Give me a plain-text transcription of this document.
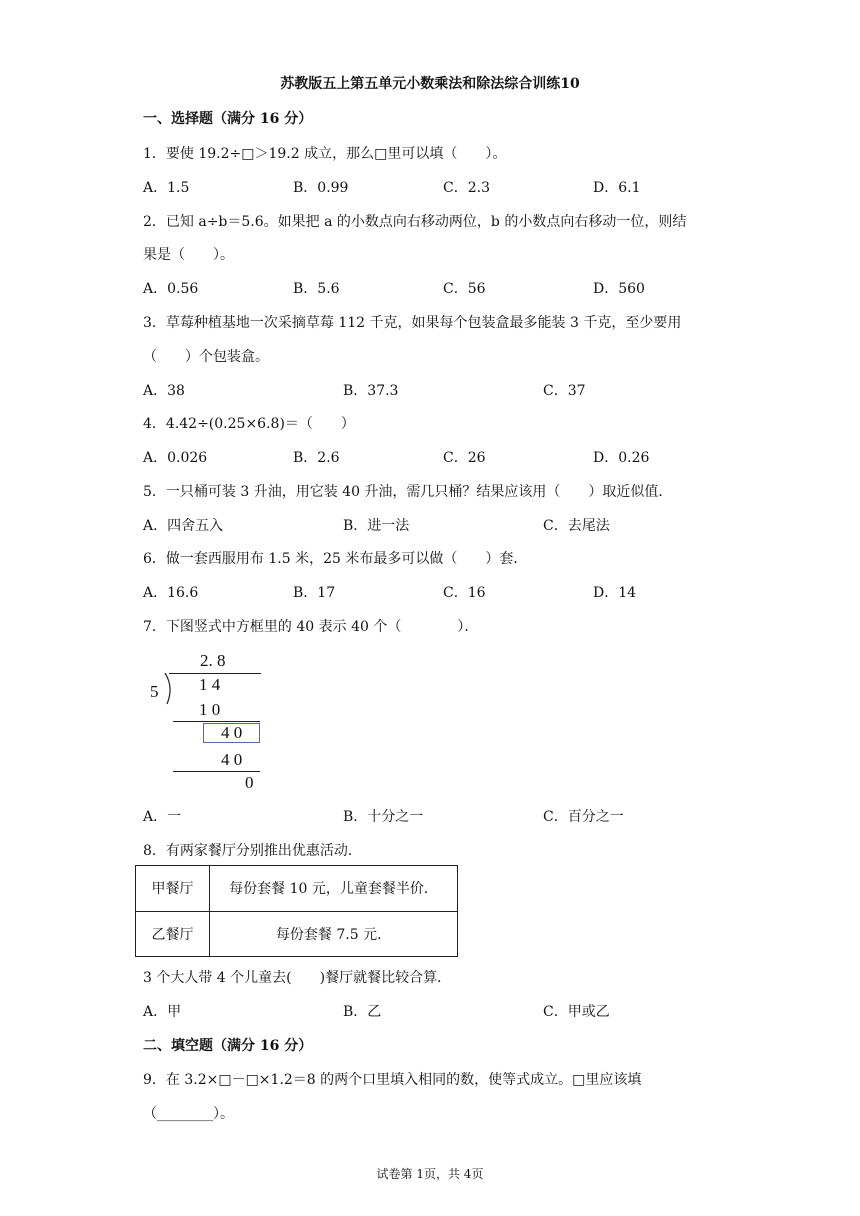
苏教版五上第五单元小数乘法和除法综合训练10
一、选择题（满分 16 分）
1．要使 19.2÷□＞19.2 成立，那么□里可以填（　　）。
A．1.5	B．0.99	C．2.3	D．6.1
2．已知 a÷b＝5.6。如果把 a 的小数点向右移动两位，b 的小数点向右移动一位，则结
果是（　　）。
A．0.56	B．5.6	C．56	D．560
3．草莓种植基地一次采摘草莓 112 千克，如果每个包装盒最多能装 3 千克，至少要用
（　　）个包装盒。
A．38	B．37.3	C．37
4．4.42÷(0.25×6.8)＝（　　）
A．0.026	B．2.6	C．26	D．0.26
5．一只桶可装 3 升油，用它装 40 升油，需几只桶？结果应该用（　　）取近似值．
A．四舍五入	B．进一法	C．去尾法
6．做一套西服用布 1.5 米，25 米布最多可以做（　　）套．
A．16.6	B．17	C．16	D．14
7．下图竖式中方框里的 40 表示 40 个（　　　　）．
2. 8
5 1 4
1 0
4 0
4 0
0
A．一	B．十分之一	C．百分之一
8．有两家餐厅分别推出优惠活动．
甲餐厅	每份套餐 10 元，儿童套餐半价．
乙餐厅	每份套餐 7.5 元．
3 个大人带 4 个儿童去(　　)餐厅就餐比较合算．
A．甲	B．乙	C．甲或乙
二、填空题（满分 16 分）
9．在 3.2×□－□×1.2＝8 的两个口里填入相同的数，使等式成立。□里应该填
（________）。
试卷第 1页，共 4页
